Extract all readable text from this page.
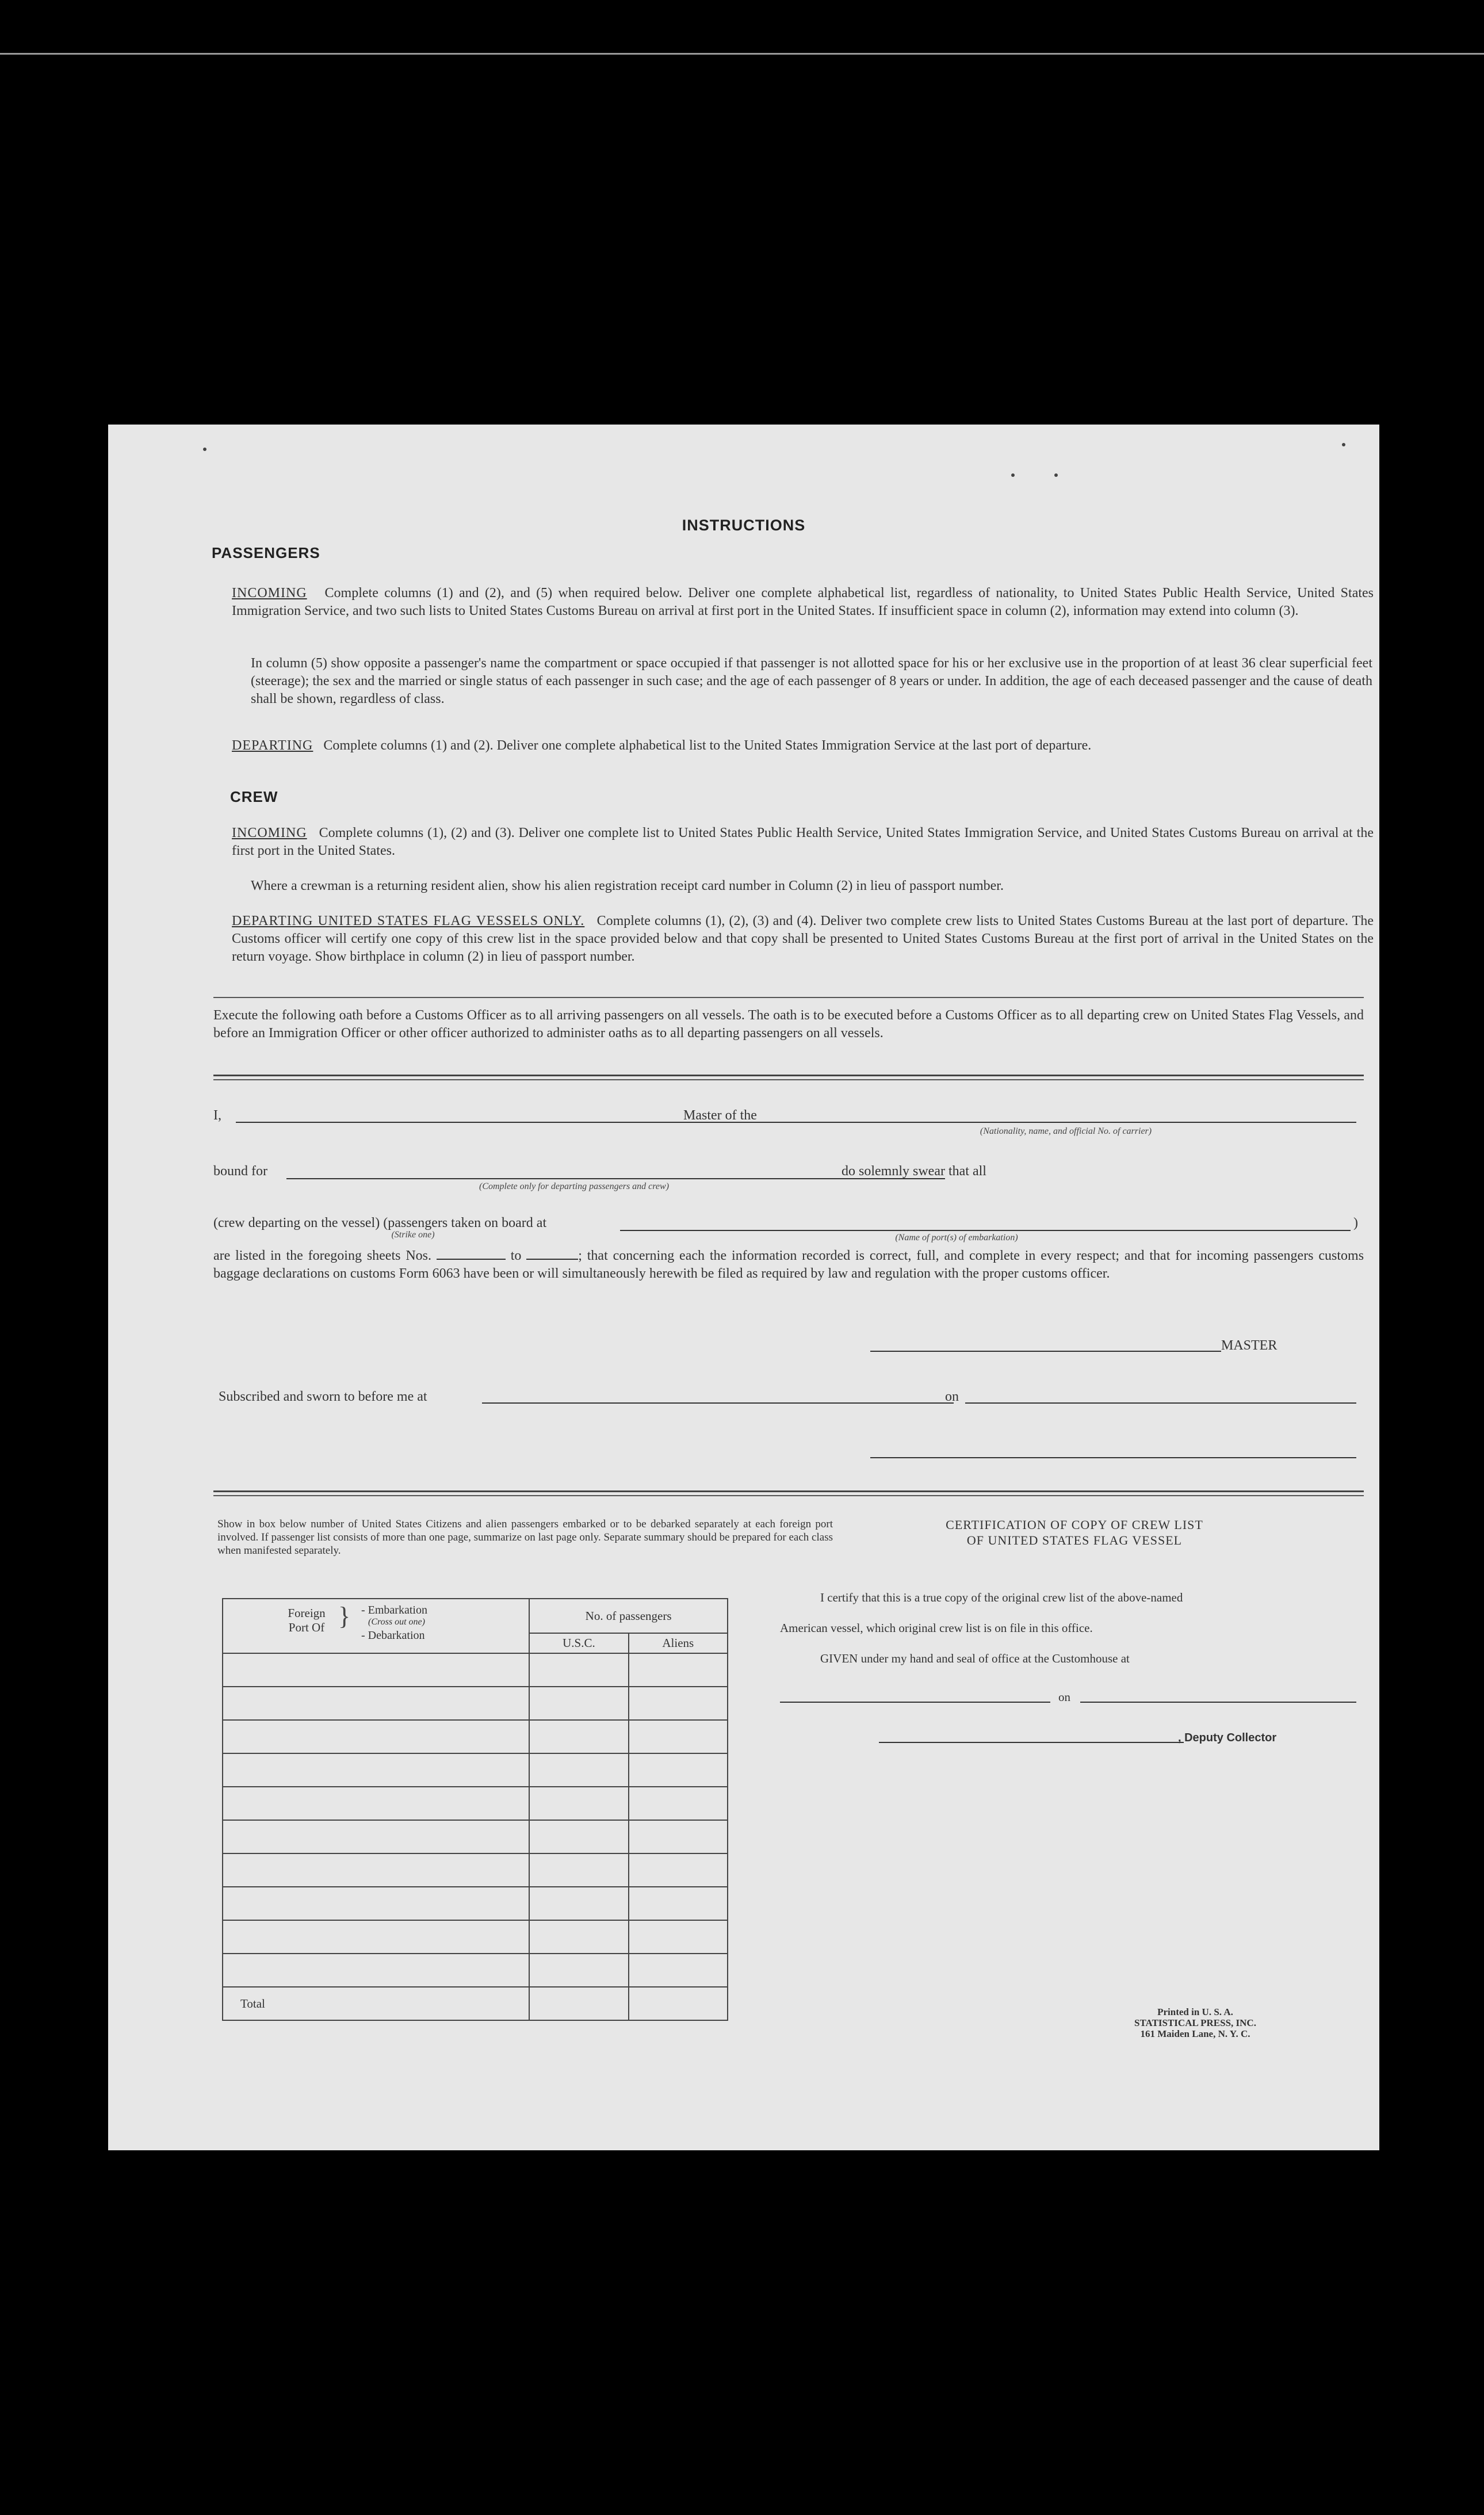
INSTRUCTIONS
PASSENGERS
INCOMING Complete columns (1) and (2), and (5) when required below. Deliver one complete alphabetical list, regardless of nationality, to United States Public Health Service, United States Immigration Service, and two such lists to United States Customs Bureau on arrival at first port in the United States. If insufficient space in column (2), information may extend into column (3).
In column (5) show opposite a passenger's name the compartment or space occupied if that passenger is not allotted space for his or her exclusive use in the proportion of at least 36 clear superficial feet (steerage); the sex and the married or single status of each passenger in such case; and the age of each passenger of 8 years or under. In addition, the age of each deceased passenger and the cause of death shall be shown, regardless of class.
DEPARTING Complete columns (1) and (2). Deliver one complete alphabetical list to the United States Immigration Service at the last port of departure.
CREW
INCOMING Complete columns (1), (2) and (3). Deliver one complete list to United States Public Health Service, United States Immigration Service, and United States Customs Bureau on arrival at the first port in the United States.
Where a crewman is a returning resident alien, show his alien registration receipt card number in Column (2) in lieu of passport number.
DEPARTING UNITED STATES FLAG VESSELS ONLY. Complete columns (1), (2), (3) and (4). Deliver two complete crew lists to United States Customs Bureau at the last port of departure. The Customs officer will certify one copy of this crew list in the space provided below and that copy shall be presented to United States Customs Bureau at the first port of arrival in the United States on the return voyage. Show birthplace in column (2) in lieu of passport number.
Execute the following oath before a Customs Officer as to all arriving passengers on all vessels. The oath is to be executed before a Customs Officer as to all departing crew on United States Flag Vessels, and before an Immigration Officer or other officer authorized to administer oaths as to all departing passengers on all vessels.
I,	Master of the
(Nationality, name, and official No. of carrier)
bound for
(Complete only for departing passengers and crew)
do solemnly swear that all
(crew departing on the vessel) (passengers taken on board at
(Strike one)	(Name of port(s) of embarkation)
)
are listed in the foregoing sheets Nos.	to	; that concerning each the information recorded is correct, full, and complete in every respect; and that for incoming passengers customs baggage declarations on customs Form 6063 have been or will simultaneously herewith be filed as required by law and regulation with the proper customs officer.
MASTER
Subscribed and sworn to before me at	on
Show in box below number of United States Citizens and alien passengers embarked or to be debarked separately at each foreign port involved. If passenger list consists of more than one page, summarize on last page only. Separate summary should be prepared for each class when manifested separately.
Foreign Port Of } - Embarkation
(Cross out one)
- Debarkation	No. of passengers	
	U.S.C.	Aliens

Total		
CERTIFICATION OF COPY OF CREW LIST
OF UNITED STATES FLAG VESSEL
I certify that this is a true copy of the original crew list of the above-named
American vessel, which original crew list is on file in this office.
GIVEN under my hand and seal of office at the Customhouse at
on
, Deputy Collector
Printed in U. S. A.
STATISTICAL PRESS, INC.
161 Maiden Lane, N. Y. C.
